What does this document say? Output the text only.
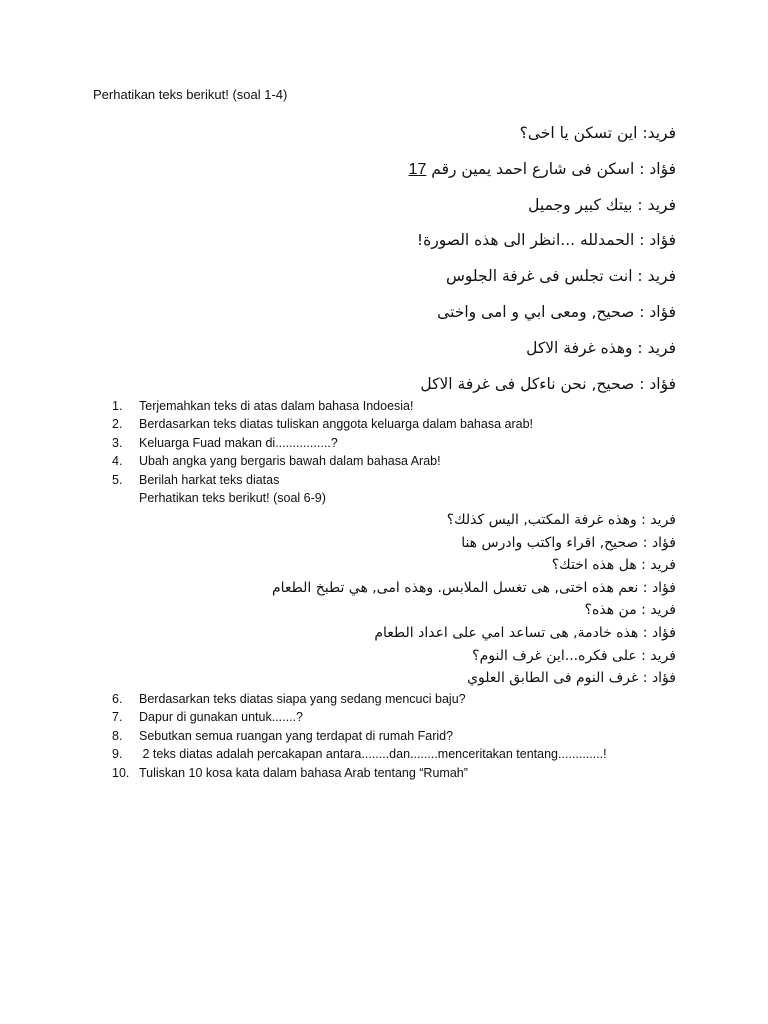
Perhatikan teks berikut! (soal 1-4)
فريد: اين تسكن يا اخى؟
فؤاد : اسكن فى شارع احمد يمين رقم 17
فريد : بيتك كبير وجميل
فؤاد : الحمدلله ...انظر الى هذه الصورة!
فريد : انت تجلس فى غرفة الجلوس
فؤاد : صحيح, ومعى ابي و امى واختى
فريد : وهذه غرفة الاكل
فؤاد : صحيح, نحن ناءكل فى غرفة الاكل
1. Terjemahkan teks di atas dalam bahasa Indoesia!
2. Berdasarkan teks diatas tuliskan anggota keluarga dalam bahasa arab!
3. Keluarga Fuad makan di................?
4. Ubah angka yang bergaris bawah dalam bahasa Arab!
5. Berilah harkat teks diatas
Perhatikan teks berikut! (soal 6-9)
فريد : وهذه غرفة المكتب, اليس كذلك؟
فؤاد : صحيح, اقراء واكتب وادرس هنا
فريد : هل هذه اختك؟
فؤاد : نعم هذه اختى, هى تغسل الملابس. وهذه امى, هي تطبخ الطعام
فريد : من هذه؟
فؤاد : هذه خادمة, هى تساعد امي على اعداد الطعام
فريد : على فكره...اين غرف النوم؟
فؤاد : غرف النوم فى الطابق العلوي
6. Berdasarkan teks diatas siapa yang sedang mencuci baju?
7. Dapur di gunakan untuk.......?
8. Sebutkan semua ruangan yang terdapat di rumah Farid?
9. 2 teks diatas adalah percakapan antara........dan........menceritakan tentang.............!
10. Tuliskan 10 kosa kata dalam bahasa Arab tentang “Rumah”
